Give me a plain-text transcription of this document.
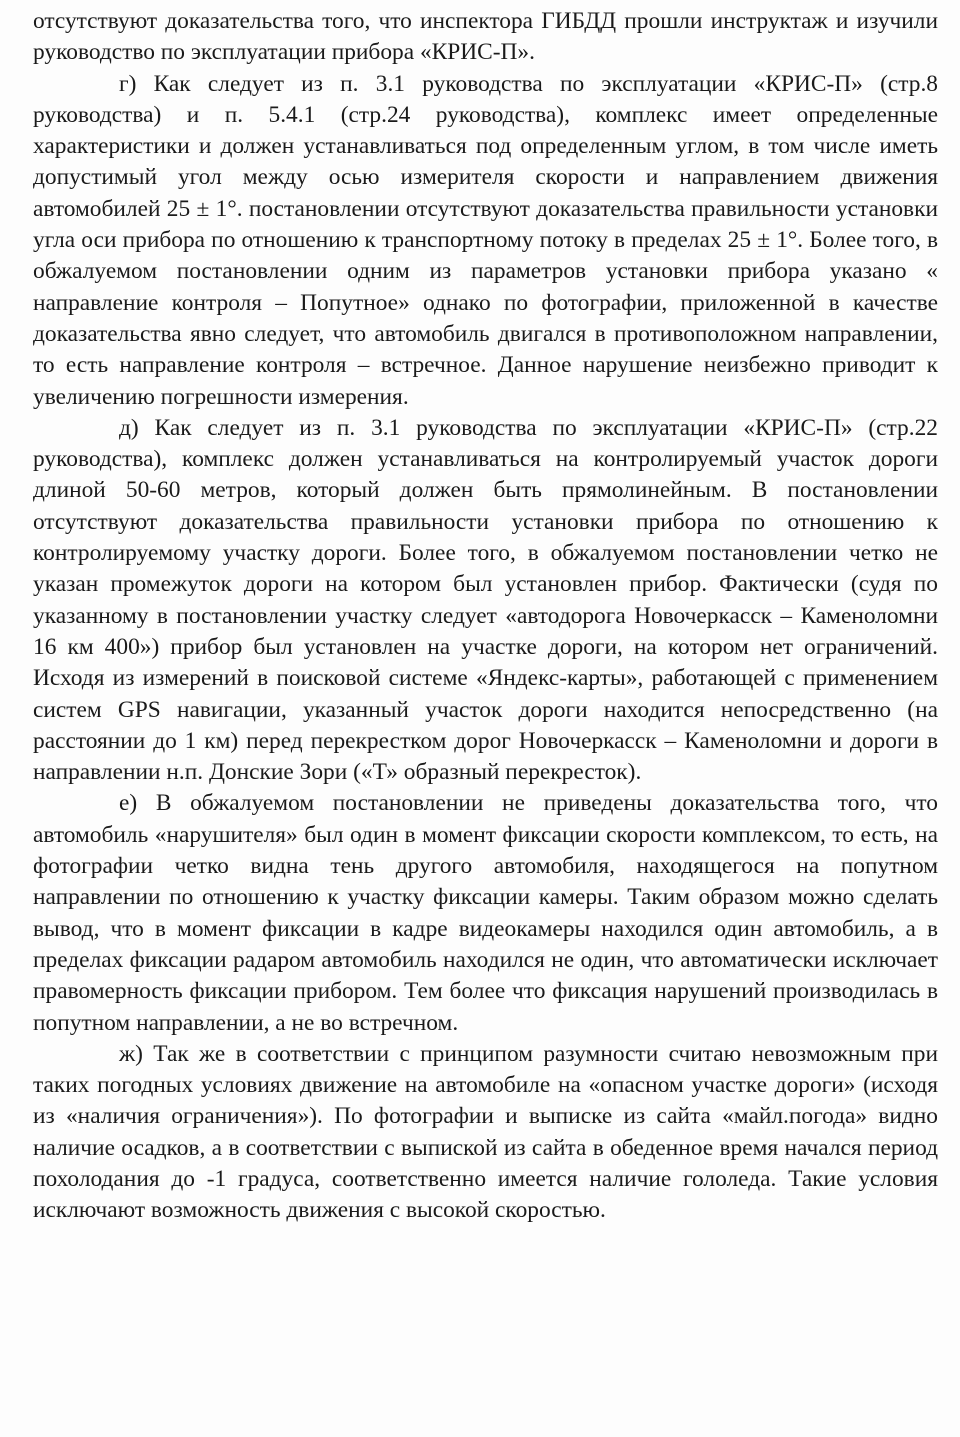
отсутствуют доказательства того, что инспектора ГИБДД прошли инструктаж и изучили руководство по эксплуатации прибора «КРИС-П».

г) Как следует из п. 3.1 руководства по эксплуатации «КРИС-П» (стр.8 руководства) и п. 5.4.1 (стр.24 руководства), комплекс имеет определенные характеристики и должен устанавливаться под определенным углом, в том числе иметь допустимый угол между осью измерителя скорости и направлением движения автомобилей 25 ± 1°. постановлении отсутствуют доказательства правильности установки угла оси прибора по отношению к транспортному потоку в пределах 25 ± 1°. Более того, в обжалуемом постановлении одним из параметров установки прибора указано « направление контроля – Попутное» однако по фотографии, приложенной в качестве доказательства явно следует, что автомобиль двигался в противоположном направлении, то есть направление контроля – встречное. Данное нарушение неизбежно приводит к увеличению погрешности измерения.

д) Как следует из п. 3.1 руководства по эксплуатации «КРИС-П» (стр.22 руководства), комплекс должен устанавливаться на контролируемый участок дороги длиной 50-60 метров, который должен быть прямолинейным. В постановлении отсутствуют доказательства правильности установки прибора по отношению к контролируемому участку дороги. Более того, в обжалуемом постановлении четко не указан промежуток дороги на котором был установлен прибор. Фактически (судя по указанному в постановлении участку следует «автодорога Новочеркасск – Каменоломни 16 км 400») прибор был установлен на участке дороги, на котором нет ограничений. Исходя из измерений в поисковой системе «Яндекс-карты», работающей с применением систем GPS навигации, указанный участок дороги находится непосредственно (на расстоянии до 1 км) перед перекрестком дорог Новочеркасск – Каменоломни и дороги в направлении н.п. Донские Зори («Т» образный перекресток).

е) В обжалуемом постановлении не приведены доказательства того, что автомобиль «нарушителя» был один в момент фиксации скорости комплексом, то есть, на фотографии четко видна тень другого автомобиля, находящегося на попутном направлении по отношению к участку фиксации камеры. Таким образом можно сделать вывод, что в момент фиксации в кадре видеокамеры находился один автомобиль, а в пределах фиксации радаром автомобиль находился не один, что автоматически исключает правомерность фиксации прибором. Тем более что фиксация нарушений производилась в попутном направлении, а не во встречном.

ж) Так же в соответствии с принципом разумности считаю невозможным при таких погодных условиях движение на автомобиле на «опасном участке дороги» (исходя из «наличия ограничения»). По фотографии и выписке из сайта «майл.погода» видно наличие осадков, а в соответствии с выпиской из сайта в обеденное время начался период похолодания до -1 градуса, соответственно имеется наличие гололеда. Такие условия исключают возможность движения с высокой скоростью.
